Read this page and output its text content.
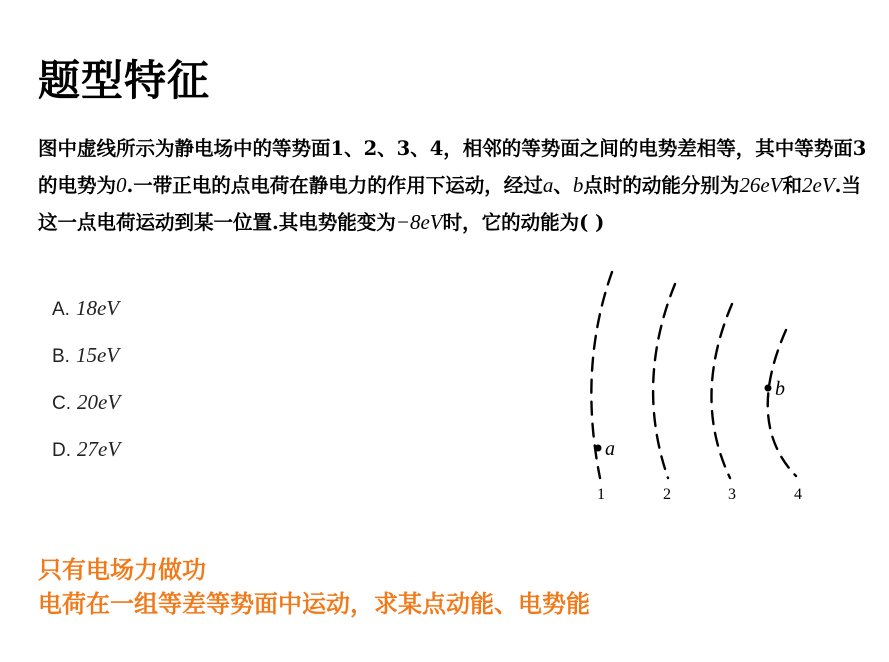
题型特征

图中虚线所示为静电场中的等势面1、2、3、4，相邻的等势面之间的电势差相等，其中等势面3的电势为0.一带正电的点电荷在静电力的作用下运动，经过a、b点时的动能分别为26eV和2eV.当这一点电荷运动到某一位置.其电势能变为−8eV时，它的动能为( )

A. 18eV
B. 15eV
C. 20eV
D. 27eV	a
b
1	2	3	4
只有电场力做功
电荷在一组等差等势面中运动，求某点动能、电势能
